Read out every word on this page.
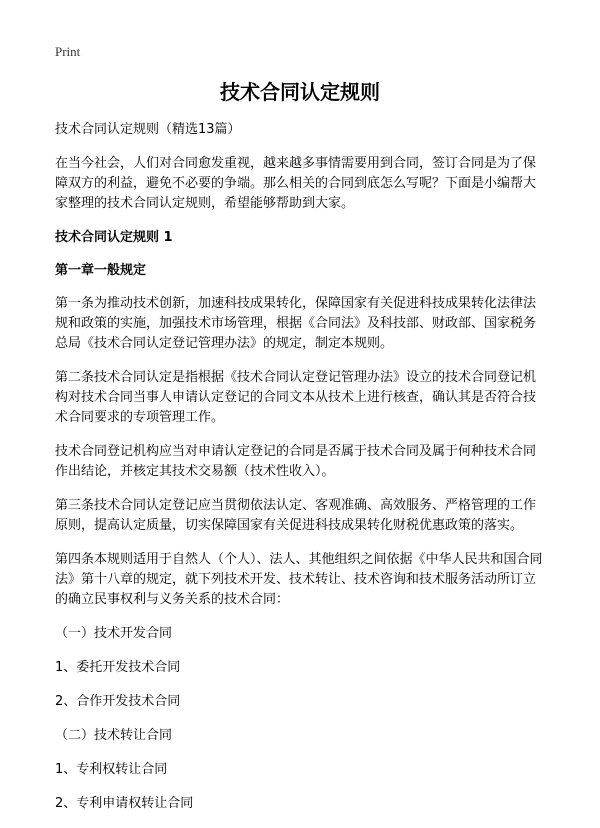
Print
技术合同认定规则

技术合同认定规则（精选13篇）

在当今社会，人们对合同愈发重视，越来越多事情需要用到合同，签订合同是为了保障双方的利益，避免不必要的争端。那么相关的合同到底怎么写呢？下面是小编帮大家整理的技术合同认定规则，希望能够帮助到大家。

技术合同认定规则 1

第一章一般规定

第一条为推动技术创新，加速科技成果转化，保障国家有关促进科技成果转化法律法规和政策的实施，加强技术市场管理，根据《合同法》及科技部、财政部、国家税务总局《技术合同认定登记管理办法》的规定，制定本规则。

第二条技术合同认定是指根据《技术合同认定登记管理办法》设立的技术合同登记机构对技术合同当事人申请认定登记的合同文本从技术上进行核查，确认其是否符合技术合同要求的专项管理工作。

技术合同登记机构应当对申请认定登记的合同是否属于技术合同及属于何种技术合同作出结论，并核定其技术交易额（技术性收入）。

第三条技术合同认定登记应当贯彻依法认定、客观准确、高效服务、严格管理的工作原则，提高认定质量，切实保障国家有关促进科技成果转化财税优惠政策的落实。

第四条本规则适用于自然人（个人）、法人、其他组织之间依据《中华人民共和国合同法》第十八章的规定，就下列技术开发、技术转让、技术咨询和技术服务活动所订立的确立民事权利与义务关系的技术合同：

（一）技术开发合同

1、委托开发技术合同

2、合作开发技术合同

（二）技术转让合同

1、专利权转让合同

2、专利申请权转让合同
